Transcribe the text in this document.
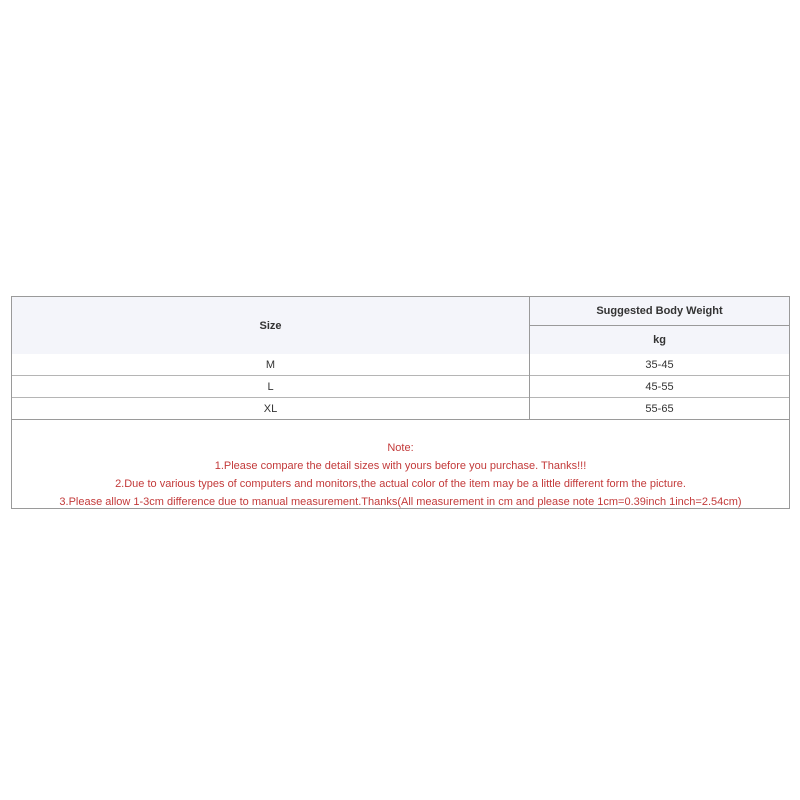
Size	Suggested Body Weight
	kg
M	35-45
L	45-55
XL	55-65
Note:
1.Please compare the detail sizes with yours before you purchase. Thanks!!!
2.Due to various types of computers and monitors,the actual color of the item may be a little different form the picture.
3.Please allow 1-3cm difference due to manual measurement.Thanks(All measurement in cm and please note 1cm=0.39inch 1inch=2.54cm)
